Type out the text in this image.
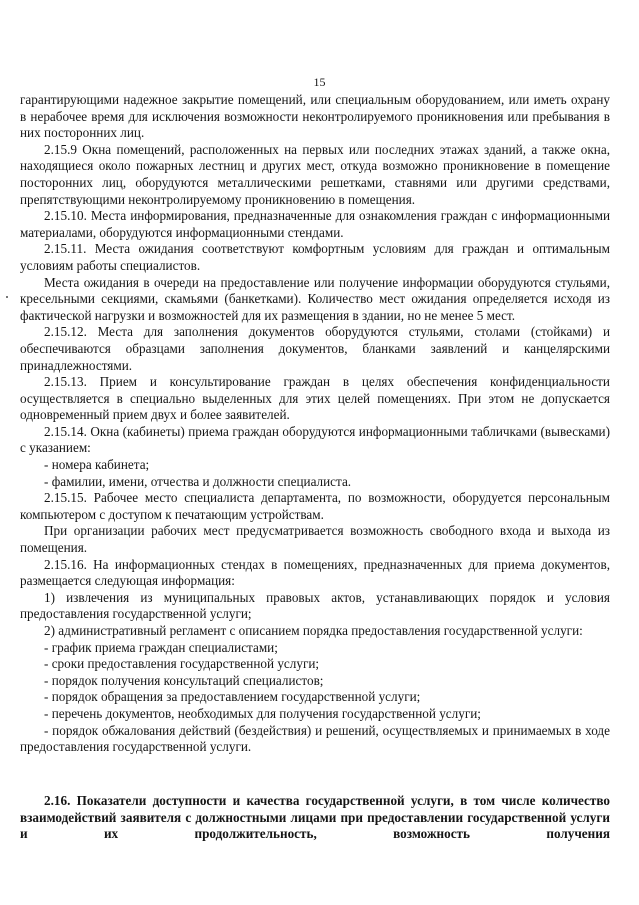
15

гарантирующими надежное закрытие помещений, или специальным оборудованием, или иметь охрану в нерабочее время для исключения возможности неконтролируемого проникновения или пребывания в них посторонних лиц.

2.15.9 Окна помещений, расположенных на первых или последних этажах зданий, а также окна, находящиеся около пожарных лестниц и других мест, откуда возможно проникновение в помещение посторонних лиц, оборудуются металлическими решетками, ставнями или другими средствами, препятствующими неконтролируемому проникновению в помещения.

2.15.10. Места информирования, предназначенные для ознакомления граждан с информационными материалами, оборудуются информационными стендами.

2.15.11. Места ожидания соответствуют комфортным условиям для граждан и оптимальным условиям работы специалистов.

Места ожидания в очереди на предоставление или получение информации оборудуются стульями, кресельными секциями, скамьями (банкетками). Количество мест ожидания определяется исходя из фактической нагрузки и возможностей для их размещения в здании, но не менее 5 мест.

2.15.12. Места для заполнения документов оборудуются стульями, столами (стойками) и обеспечиваются образцами заполнения документов, бланками заявлений и канцелярскими принадлежностями.

2.15.13. Прием и консультирование граждан в целях обеспечения конфиденциальности осуществляется в специально выделенных для этих целей помещениях. При этом не допускается одновременный прием двух и более заявителей.

2.15.14. Окна (кабинеты) приема граждан оборудуются информационными табличками (вывесками) с указанием:

- номера кабинета;

- фамилии, имени, отчества и должности специалиста.

2.15.15. Рабочее место специалиста департамента, по возможности, оборудуется персональным компьютером с доступом к печатающим устройствам.

При организации рабочих мест предусматривается возможность свободного входа и выхода из помещения.

2.15.16. На информационных стендах в помещениях, предназначенных для приема документов, размещается следующая информация:

1) извлечения из муниципальных правовых актов, устанавливающих порядок и условия предоставления государственной услуги;

2) административный регламент с описанием порядка предоставления государственной услуги:

- график приема граждан специалистами;

- сроки предоставления государственной услуги;

- порядок получения консультаций специалистов;

- порядок обращения за предоставлением государственной услуги;

- перечень документов, необходимых для получения государственной услуги;

- порядок обжалования действий (бездействия) и решений, осуществляемых и принимаемых в ходе предоставления государственной услуги.

2.16. Показатели доступности и качества государственной услуги, в том числе количество взаимодействий заявителя с должностными лицами при предоставлении государственной услуги и их продолжительность, возможность получения
